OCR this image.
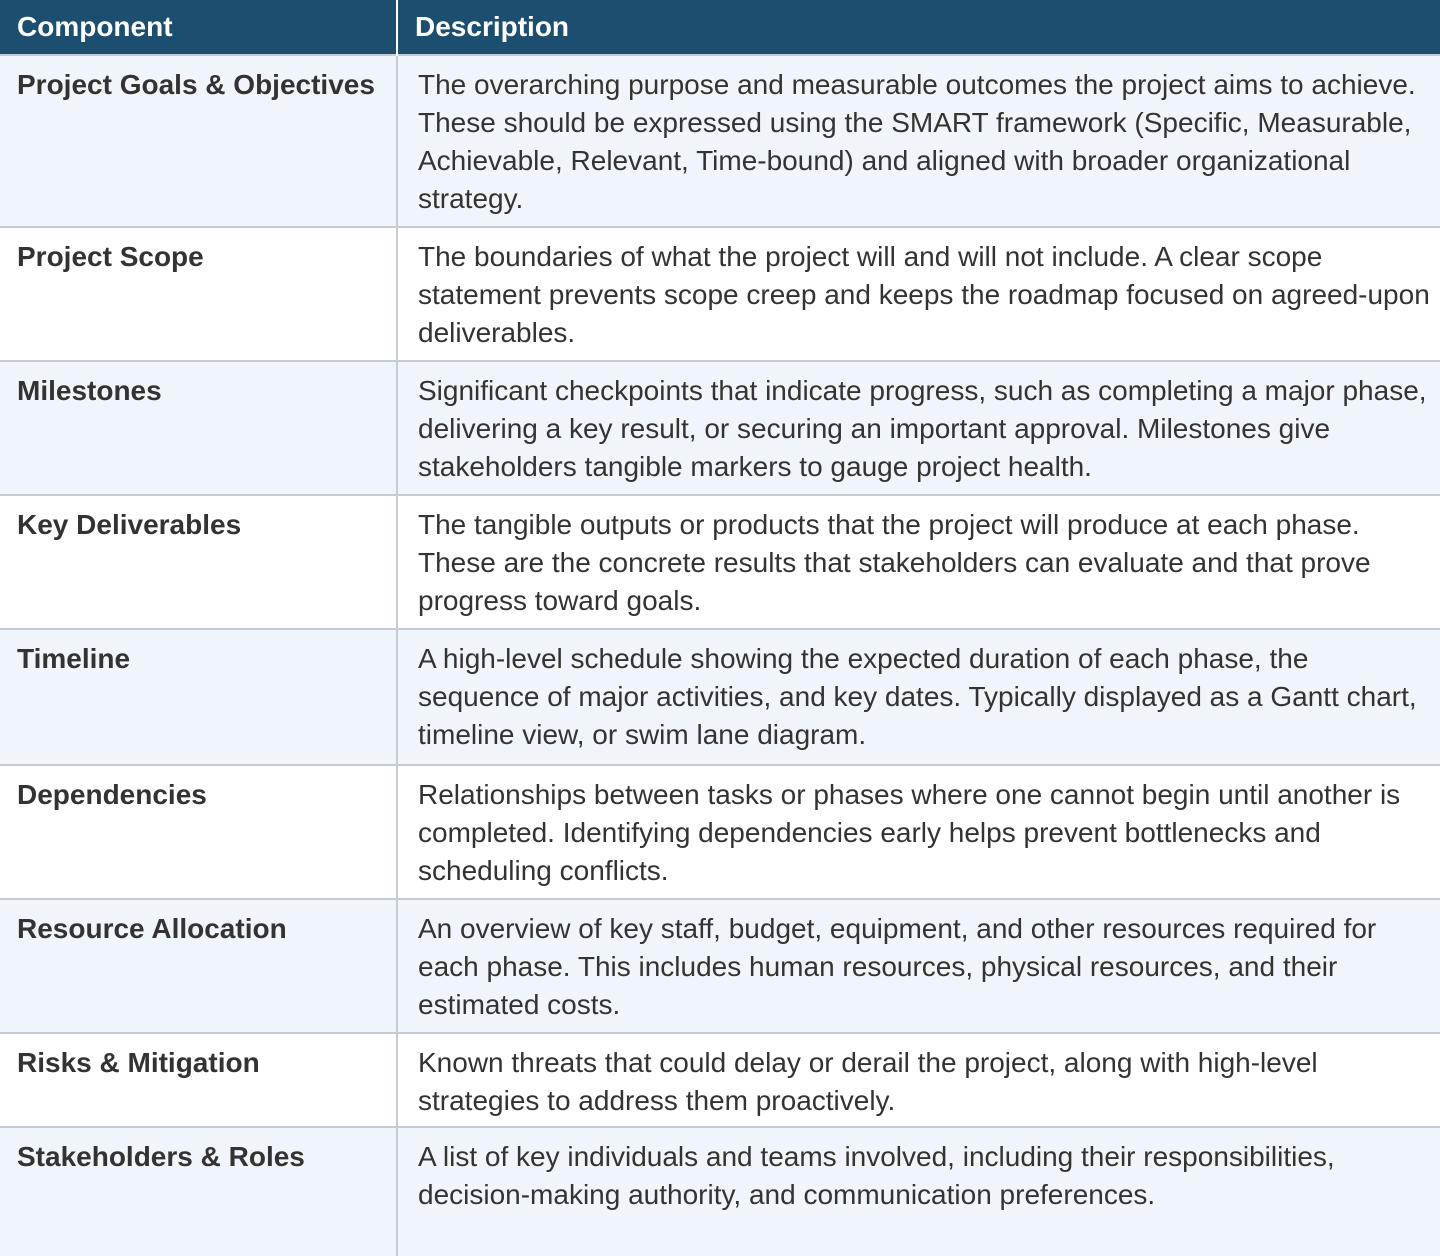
Component	Description

Project Goals & Objectives	The overarching purpose and measurable outcomes the project aims to achieve. These should be expressed using the SMART framework (Specific, Measurable, Achievable, Relevant, Time-bound) and aligned with broader organizational strategy.

Project Scope	The boundaries of what the project will and will not include. A clear scope statement prevents scope creep and keeps the roadmap focused on agreed-upon deliverables.

Milestones	Significant checkpoints that indicate progress, such as completing a major phase, delivering a key result, or securing an important approval. Milestones give stakeholders tangible markers to gauge project health.

Key Deliverables	The tangible outputs or products that the project will produce at each phase. These are the concrete results that stakeholders can evaluate and that prove progress toward goals.

Timeline	A high-level schedule showing the expected duration of each phase, the sequence of major activities, and key dates. Typically displayed as a Gantt chart, timeline view, or swim lane diagram.

Dependencies	Relationships between tasks or phases where one cannot begin until another is completed. Identifying dependencies early helps prevent bottlenecks and scheduling conflicts.

Resource Allocation	An overview of key staff, budget, equipment, and other resources required for each phase. This includes human resources, physical resources, and their estimated costs.

Risks & Mitigation	Known threats that could delay or derail the project, along with high-level strategies to address them proactively.

Stakeholders & Roles	A list of key individuals and teams involved, including their responsibilities, decision-making authority, and communication preferences.
